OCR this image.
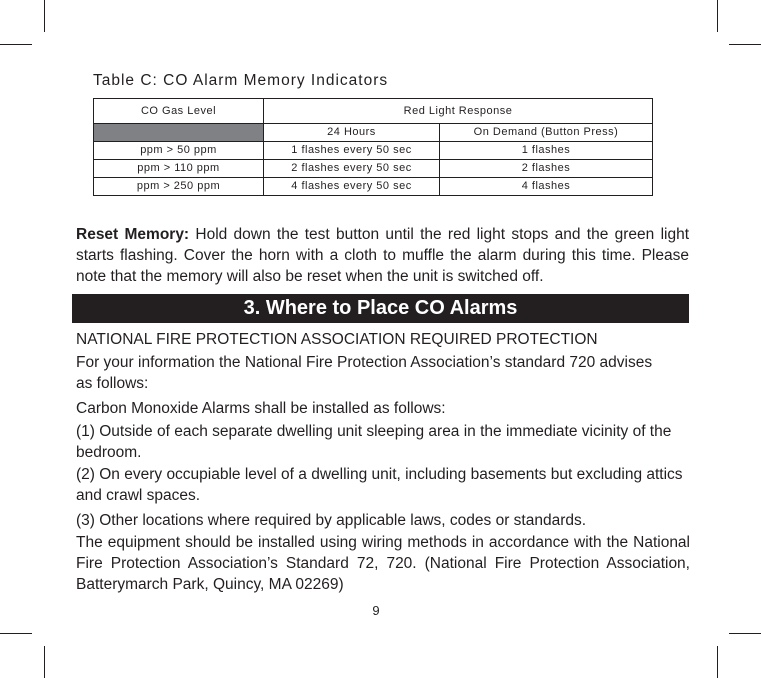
Table C: CO Alarm Memory Indicators
CO Gas Level	Red Light Response	
	24 Hours	On Demand (Button Press)
ppm > 50 ppm	1 flashes every 50 sec	1 flashes
ppm > 110 ppm	2 flashes every 50 sec	2 flashes
ppm > 250 ppm	4 flashes every 50 sec	4 flashes

Reset Memory: Hold down the test button until the red light stops and the green light starts flashing. Cover the horn with a cloth to muffle the alarm during this time. Please note that the memory will also be reset when the unit is switched off.

3. Where to Place CO Alarms

NATIONAL FIRE PROTECTION ASSOCIATION REQUIRED PROTECTION

For your information the National Fire Protection Association’s standard 720 advises as follows:

Carbon Monoxide Alarms shall be installed as follows:

(1) Outside of each separate dwelling unit sleeping area in the immediate vicinity of the bedroom.

(2) On every occupiable level of a dwelling unit, including basements but excluding attics and crawl spaces.

(3) Other locations where required by applicable laws, codes or standards.

The equipment should be installed using wiring methods in accordance with the National Fire Protection Association’s Standard 72, 720. (National Fire Protection Association, Batterymarch Park, Quincy, MA 02269)

9
